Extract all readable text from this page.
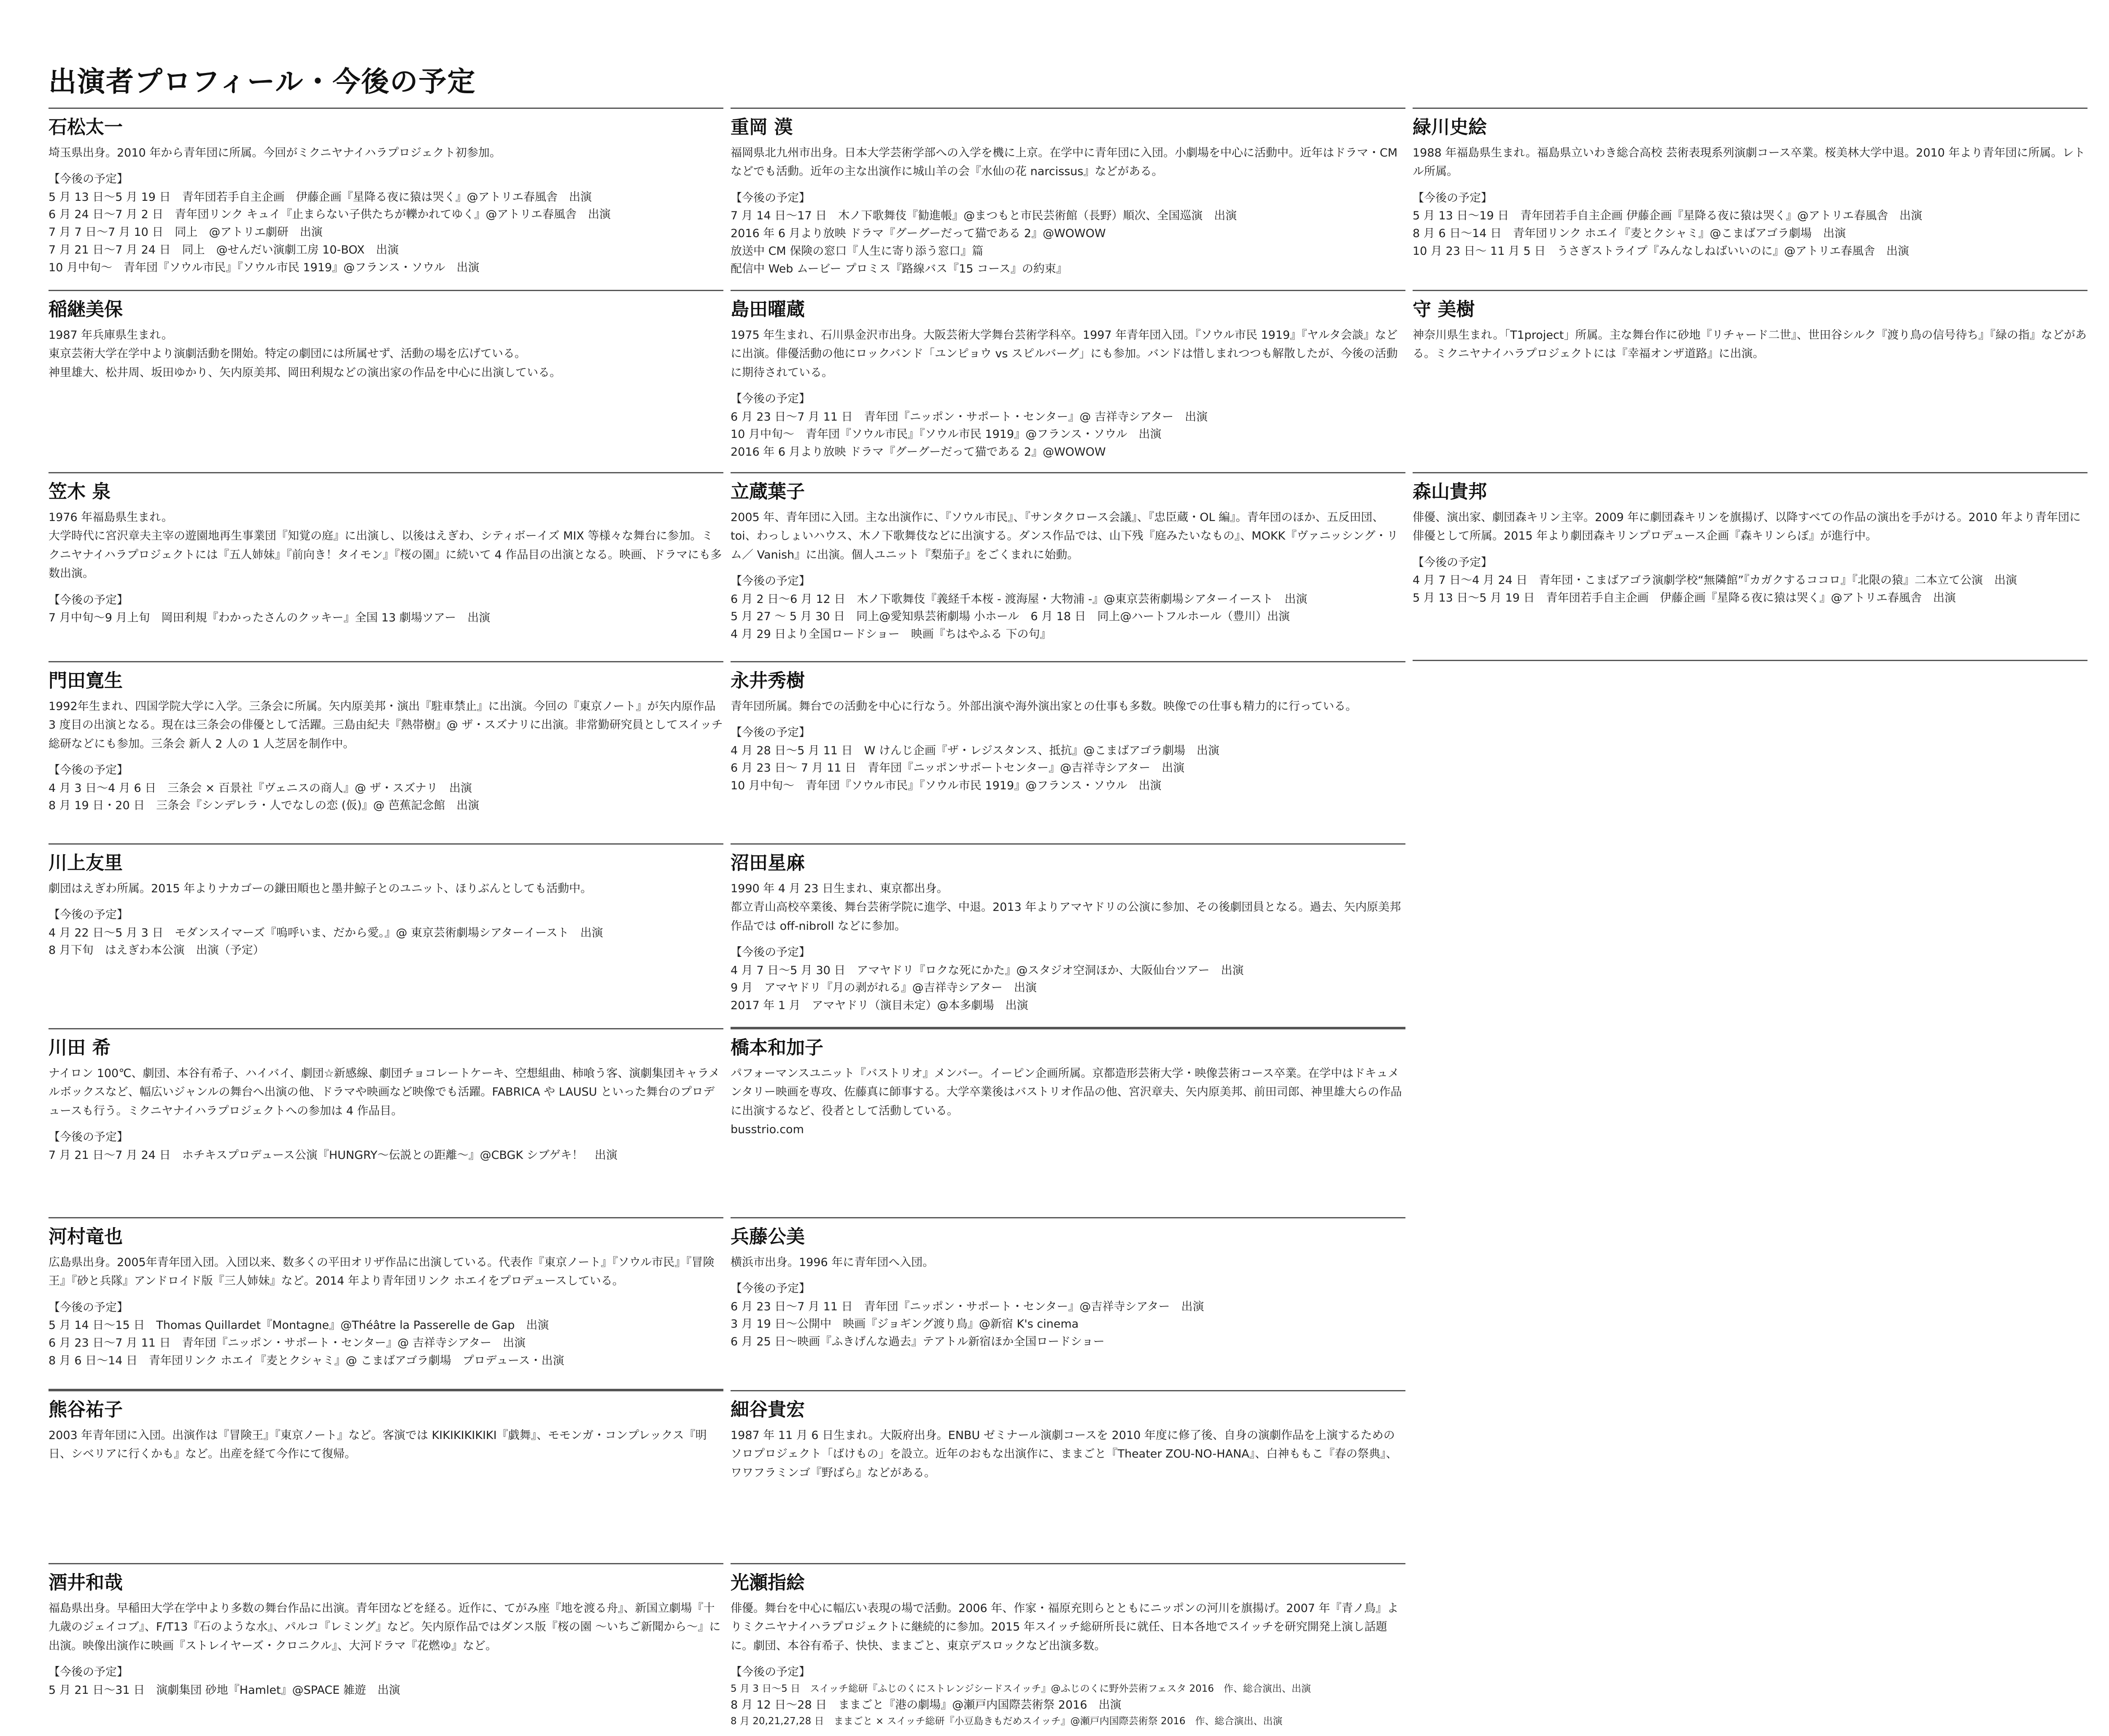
出演者プロフィール・今後の予定
石松太一

埼玉県出身。2010 年から青年団に所属。今回がミクニヤナイハラプロジェクト初参加。

【今後の予定】

5 月 13 日〜5 月 19 日　青年団若手自主企画　伊藤企画『星降る夜に猿は哭く』@アトリエ春風舎　出演

6 月 24 日〜7 月 2 日　青年団リンク キュイ『止まらない子供たちが轢かれてゆく』@アトリエ春風舎　出演

7 月 7 日〜7 月 10 日　同上　@アトリエ劇研　出演

7 月 21 日〜7 月 24 日　同上　@せんだい演劇工房 10-BOX　出演

10 月中旬〜　青年団『ソウル市民』『ソウル市民 1919』@フランス・ソウル　出演

稲継美保

1987 年兵庫県生まれ。
東京芸術大学在学中より演劇活動を開始。特定の劇団には所属せず、活動の場を広げている。
神里雄大、松井周、坂田ゆかり、矢内原美邦、岡田利規などの演出家の作品を中心に出演している。

笠木 泉

1976 年福島県生まれ。
大学時代に宮沢章夫主宰の遊園地再生事業団『知覚の庭』に出演し、以後はえぎわ、シティボーイズ MIX 等様々な舞台に参加。ミクニヤナイハラプロジェクトには『五人姉妹』『前向き！タイモン』『桜の園』に続いて 4 作品目の出演となる。映画、ドラマにも多数出演。

【今後の予定】

7 月中旬〜9 月上旬　岡田利規『わかったさんのクッキー』全国 13 劇場ツアー　出演

門田寛生

1992年生まれ、四国学院大学に入学。三条会に所属。矢内原美邦・演出『駐車禁止』に出演。今回の『東京ノート』が矢内原作品 3 度目の出演となる。現在は三条会の俳優として活躍。三島由紀夫『熱帯樹』@ ザ・スズナリに出演。非常勤研究員としてスイッチ総研などにも参加。三条会 新人 2 人の 1 人芝居を制作中。

【今後の予定】

4 月 3 日〜4 月 6 日　三条会 × 百景社『ヴェニスの商人』@ ザ・スズナリ　出演

8 月 19 日・20 日　三条会『シンデレラ・人でなしの恋 (仮)』@ 芭蕉記念館　出演

川上友里

劇団はえぎわ所属。2015 年よりナカゴーの鎌田順也と墨井鯨子とのユニット、ほりぶんとしても活動中。

【今後の予定】

4 月 22 日〜5 月 3 日　モダンスイマーズ『嗚呼いま、だから愛。』@ 東京芸術劇場シアターイースト　出演

8 月下旬　はえぎわ本公演　出演（予定）

川田 希

ナイロン 100℃、劇団、本谷有希子、ハイバイ、劇団☆新感線、劇団チョコレートケーキ、空想組曲、柿喰う客、演劇集団キャラメルボックスなど、幅広いジャンルの舞台へ出演の他、ドラマや映画など映像でも活躍。FABRICA や LAUSU といった舞台のプロデュースも行う。ミクニヤナイハラプロジェクトへの参加は 4 作品目。

【今後の予定】

7 月 21 日〜7 月 24 日　ホチキスプロデュース公演『HUNGRY〜伝説との距離〜』@CBGK シブゲキ！　出演

河村竜也

広島県出身。2005年青年団入団。入団以来、数多くの平田オリザ作品に出演している。代表作『東京ノート』『ソウル市民』『冒険王』『砂と兵隊』アンドロイド版『三人姉妹』など。2014 年より青年団リンク ホエイをプロデュースしている。

【今後の予定】

5 月 14 日〜15 日　Thomas Quillardet『Montagne』@Théâtre la Passerelle de Gap　出演

6 月 23 日〜7 月 11 日　青年団『ニッポン・サポート・センター』@ 吉祥寺シアター　出演

8 月 6 日〜14 日　青年団リンク ホエイ『麦とクシャミ』@ こまばアゴラ劇場　プロデュース・出演

熊谷祐子

2003 年青年団に入団。出演作は『冒険王』『東京ノート』など。客演では KIKIKIKIKIKI『戯舞』、モモンガ・コンプレックス『明日、シベリアに行くかも』など。出産を経て今作にて復帰。

酒井和哉

福島県出身。早稲田大学在学中より多数の舞台作品に出演。青年団などを経る。近作に、てがみ座『地を渡る舟』、新国立劇場『十九歳のジェイコブ』、F/T13『石のような水』、パルコ『レミング』など。矢内原作品ではダンス版『桜の園 〜いちご新聞から〜』に出演。映像出演作に映画『ストレイヤーズ・クロニクル』、大河ドラマ『花燃ゆ』など。

【今後の予定】

5 月 21 日〜31 日　演劇集団 砂地『Hamlet』@SPACE 雑遊　出演

重岡 漠

福岡県北九州市出身。日本大学芸術学部への入学を機に上京。在学中に青年団に入団。小劇場を中心に活動中。近年はドラマ・CM などでも活動。近年の主な出演作に城山羊の会『水仙の花 narcissus』などがある。

【今後の予定】

7 月 14 日〜17 日　木ノ下歌舞伎『勧進帳』@まつもと市民芸術館（長野）順次、全国巡演　出演

2016 年 6 月より放映 ドラマ『グーグーだって猫である 2』@WOWOW

放送中 CM 保険の窓口『人生に寄り添う窓口』篇

配信中 Web ムービー プロミス『路線バス『15 コース』の約束』

島田曜蔵

1975 年生まれ、石川県金沢市出身。大阪芸術大学舞台芸術学科卒。1997 年青年団入団。『ソウル市民 1919』『ヤルタ会談』などに出演。俳優活動の他にロックバンド「ユンピョウ vs スピルバーグ」にも参加。バンドは惜しまれつつも解散したが、今後の活動に期待されている。

【今後の予定】

6 月 23 日〜7 月 11 日　青年団『ニッポン・サポート・センター』@ 吉祥寺シアター　出演

10 月中旬〜　青年団『ソウル市民』『ソウル市民 1919』@フランス・ソウル　出演

2016 年 6 月より放映 ドラマ『グーグーだって猫である 2』@WOWOW

立蔵葉子

2005 年、青年団に入団。主な出演作に、『ソウル市民』、『サンタクロース会議』、『忠臣蔵・OL 編』。青年団のほか、五反田団、toi、わっしょいハウス、木ノ下歌舞伎などに出演する。ダンス作品では、山下残『庭みたいなもの』、MOKK『ヴァニッシング・リム／ Vanish』に出演。個人ユニット『梨茄子』をごくまれに始動。

【今後の予定】

6 月 2 日〜6 月 12 日　木ノ下歌舞伎『義経千本桜 - 渡海屋・大物浦 -』@東京芸術劇場シアターイースト　出演

5 月 27 〜 5 月 30 日　同上@愛知県芸術劇場 小ホール　6 月 18 日　同上@ハートフルホール（豊川）出演

4 月 29 日より全国ロードショー　映画『ちはやふる 下の句』

永井秀樹

青年団所属。舞台での活動を中心に行なう。外部出演や海外演出家との仕事も多数。映像での仕事も精力的に行っている。

【今後の予定】

4 月 28 日〜5 月 11 日　W けんじ企画『ザ・レジスタンス、抵抗』@こまばアゴラ劇場　出演

6 月 23 日〜 7 月 11 日　青年団『ニッポンサポートセンター』@吉祥寺シアター　出演

10 月中旬〜　青年団『ソウル市民』『ソウル市民 1919』@フランス・ソウル　出演

沼田星麻

1990 年 4 月 23 日生まれ、東京都出身。
都立青山高校卒業後、舞台芸術学院に進学、中退。2013 年よりアマヤドリの公演に参加、その後劇団員となる。過去、矢内原美邦作品では off-nibroll などに参加。

【今後の予定】

4 月 7 日〜5 月 30 日　アマヤドリ『ロクな死にかた』@スタジオ空洞ほか、大阪仙台ツアー　出演

9 月　アマヤドリ『月の剥がれる』@吉祥寺シアター　出演

2017 年 1 月　アマヤドリ（演目未定）@本多劇場　出演

橋本和加子

パフォーマンスユニット『バストリオ』メンバー。イーピン企画所属。京都造形芸術大学・映像芸術コース卒業。在学中はドキュメンタリー映画を専攻、佐藤真に師事する。大学卒業後はバストリオ作品の他、宮沢章夫、矢内原美邦、前田司郎、神里雄大らの作品に出演するなど、役者として活動している。
busstrio.com

兵藤公美

横浜市出身。1996 年に青年団へ入団。

【今後の予定】

6 月 23 日〜7 月 11 日　青年団『ニッポン・サポート・センター』@吉祥寺シアター　出演

3 月 19 日〜公開中　映画『ジョギング渡り鳥』@新宿 K's cinema

6 月 25 日〜映画『ふきげんな過去』テアトル新宿ほか全国ロードショー

細谷貴宏

1987 年 11 月 6 日生まれ。大阪府出身。ENBU ゼミナール演劇コースを 2010 年度に修了後、自身の演劇作品を上演するためのソロプロジェクト「ばけもの」を設立。近年のおもな出演作に、ままごと『Theater ZOU-NO-HANA』、白神ももこ『春の祭典』、ワワフラミンゴ『野ばら』などがある。

光瀬指絵

俳優。舞台を中心に幅広い表現の場で活動。2006 年、作家・福原充則らとともにニッポンの河川を旗揚げ。2007 年『青ノ鳥』よりミクニヤナイハラプロジェクトに継続的に参加。2015 年スイッチ総研所長に就任、日本各地でスイッチを研究開発上演し話題に。劇団、本谷有希子、快快、ままごと、東京デスロックなど出演多数。

【今後の予定】

5 月 3 日〜5 日　スイッチ総研『ふじのくにストレンジシードスイッチ』@ふじのくに野外芸術フェスタ 2016　作、総合演出、出演

8 月 12 日〜28 日　ままごと『港の劇場』@瀬戸内国際芸術祭 2016　出演

8 月 20,21,27,28 日　ままごと × スイッチ総研『小豆島きもだめスイッチ』@瀬戸内国際芸術祭 2016　作、総合演出、出演

緑川史絵

1988 年福島県生まれ。福島県立いわき総合高校 芸術表現系列演劇コース卒業。桜美林大学中退。2010 年より青年団に所属。レトル所属。

【今後の予定】

5 月 13 日〜19 日　青年団若手自主企画 伊藤企画『星降る夜に猿は哭く』@アトリエ春風舎　出演

8 月 6 日〜14 日　青年団リンク ホエイ『麦とクシャミ』@こまばアゴラ劇場　出演

10 月 23 日〜 11 月 5 日　うさぎストライプ『みんなしねばいいのに』@アトリエ春風舎　出演

守 美樹

神奈川県生まれ。「T1project」所属。主な舞台作に砂地『リチャード二世』、世田谷シルク『渡り鳥の信号待ち』『緑の指』などがある。ミクニヤナイハラプロジェクトには『幸福オンザ道路』に出演。

森山貴邦

俳優、演出家、劇団森キリン主宰。2009 年に劇団森キリンを旗揚げ、以降すべての作品の演出を手がける。2010 年より青年団に俳優として所属。2015 年より劇団森キリンプロデュース企画『森キリンらぼ』が進行中。

【今後の予定】

4 月 7 日〜4 月 24 日　青年団・こまばアゴラ演劇学校“無隣館”『カガクするココロ』『北限の猿』二本立て公演　出演

5 月 13 日〜5 月 19 日　青年団若手自主企画　伊藤企画『星降る夜に猿は哭く』@アトリエ春風舎　出演
